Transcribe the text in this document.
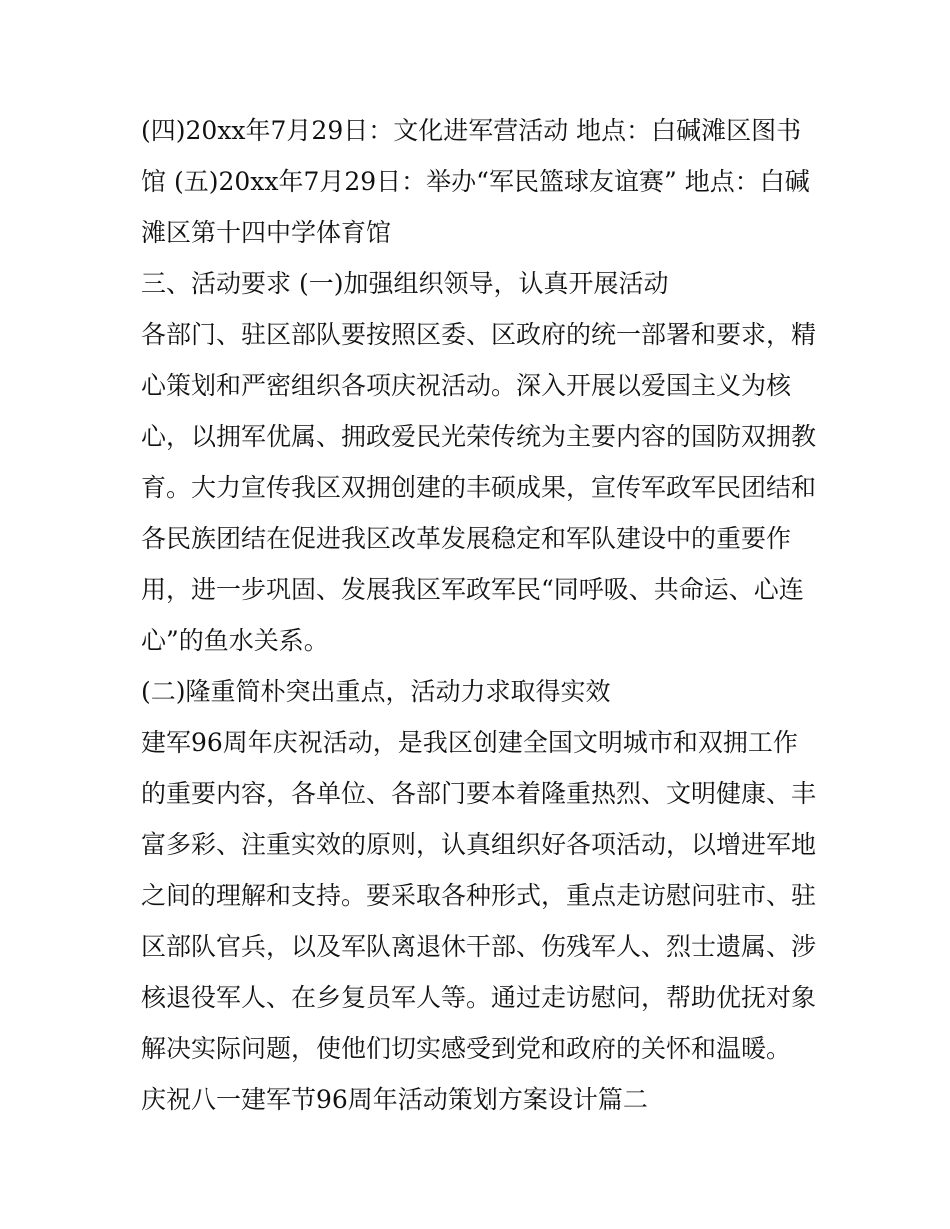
(四)20xx年7月29日：文化进军营活动 地点：白碱滩区图书馆 (五)20xx年7月29日：举办“军民篮球友谊赛” 地点：白碱滩区第十四中学体育馆

三、活动要求 (一)加强组织领导，认真开展活动

各部门、驻区部队要按照区委、区政府的统一部署和要求，精心策划和严密组织各项庆祝活动。深入开展以爱国主义为核心，以拥军优属、拥政爱民光荣传统为主要内容的国防双拥教育。大力宣传我区双拥创建的丰硕成果，宣传军政军民团结和各民族团结在促进我区改革发展稳定和军队建设中的重要作用，进一步巩固、发展我区军政军民“同呼吸、共命运、心连心”的鱼水关系。

(二)隆重简朴突出重点，活动力求取得实效

建军96周年庆祝活动，是我区创建全国文明城市和双拥工作的重要内容，各单位、各部门要本着隆重热烈、文明健康、丰富多彩、注重实效的原则，认真组织好各项活动，以增进军地之间的理解和支持。要采取各种形式，重点走访慰问驻市、驻区部队官兵，以及军队离退休干部、伤残军人、烈士遗属、涉核退役军人、在乡复员军人等。通过走访慰问，帮助优抚对象解决实际问题，使他们切实感受到党和政府的关怀和温暖。

庆祝八一建军节96周年活动策划方案设计篇二
